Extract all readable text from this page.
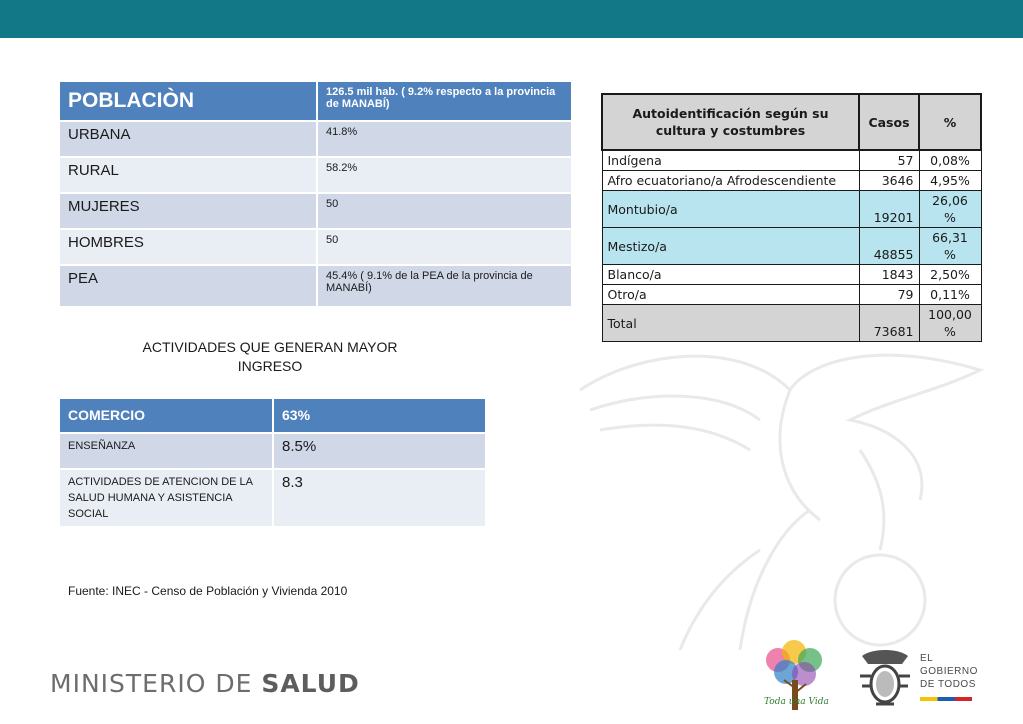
POBLACIÒN	126.5 mil hab. ( 9.2% respecto a la provincia de MANABÍ)
URBANA	41.8%
RURAL	58.2%
MUJERES	50
HOMBRES	50
PEA	45.4% ( 9.1% de la PEA de la provincia de MANABÍ)
ACTIVIDADES QUE GENERAN MAYOR
INGRESO
COMERCIO	63%
ENSEÑANZA	8.5%
ACTIVIDADES DE ATENCION DE LA SALUD HUMANA Y ASISTENCIA SOCIAL	8.3
Fuente: INEC - Censo de Población y Vivienda 2010
Autoidentificación según su cultura y costumbres	Casos	%
Indígena	57	0,08%
Afro ecuatoriano/a Afrodescendiente	3646	4,95%
Montubio/a	19201	26,06 %
Mestizo/a	48855	66,31 %
Blanco/a	1843	2,50%
Otro/a	79	0,11%
Total	73681	100,00 %
MINISTERIO DE SALUD
Toda una Vida
EL
GOBIERNO
DE TODOS
